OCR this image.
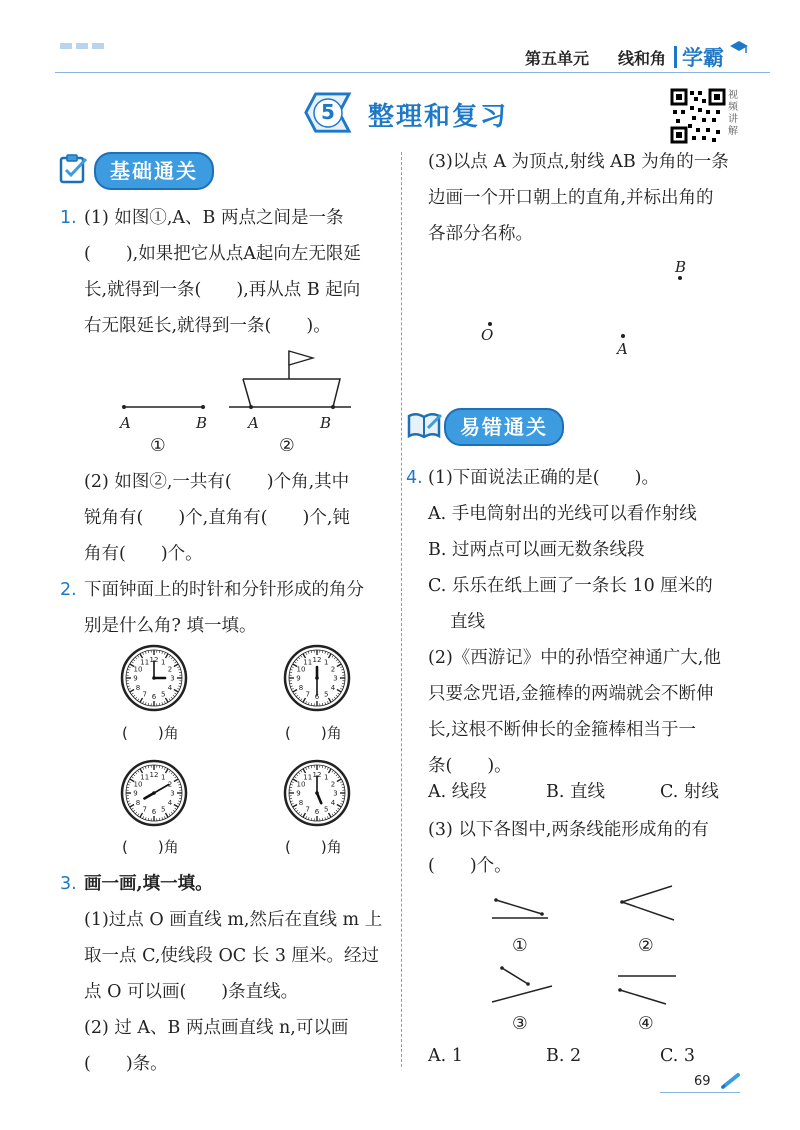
第五单元 线和角 学霸
5 整理和复习
视频讲解
基础通关
1. (1) 如图①,A、B 两点之间是一条
(　　),如果把它从点A起向左无限延
长,就得到一条(　　),再从点 B 起向
右无限延长,就得到一条(　　)。
A	B
①
A	B
②
(2) 如图②,一共有(　　)个角,其中
锐角有(　　)个,直角有(　　)个,钝
角有(　　)个。
2. 下面钟面上的时针和分针形成的角分
别是什么角? 填一填。
1
2
3
4
5
6
7
8
9
10
11 12	1
2
3
4
5
6
7
8
9
10
11 12
1
2
3
4
5
6
7
8
9
10
11 12	1
2
3
4
5
6
7
8
9
10
11 12
(　　)角	(　　)角
(　　)角	(　　)角
3. 画一画,填一填。
(1)过点 O 画直线 m,然后在直线 m 上
取一点 C,使线段 OC 长 3 厘米。经过
点 O 可以画(　　)条直线。
(2) 过 A、B 两点画直线 n,可以画
(　　)条。
(3)以点 A 为顶点,射线 AB 为角的一条
边画一个开口朝上的直角,并标出角的
各部分名称。
B
O
A
易错通关
4. (1)下面说法正确的是(　　)。
A. 手电筒射出的光线可以看作射线
B. 过两点可以画无数条线段
C. 乐乐在纸上画了一条长 10 厘米的
直线
(2)《西游记》中的孙悟空神通广大,他
只要念咒语,金箍棒的两端就会不断伸
长,这根不断伸长的金箍棒相当于一
条(　　)。
A. 线段	B. 直线	C. 射线
(3) 以下各图中,两条线能形成角的有
(　　)个。
①	②
③	④
A. 1	B. 2	C. 3
69
